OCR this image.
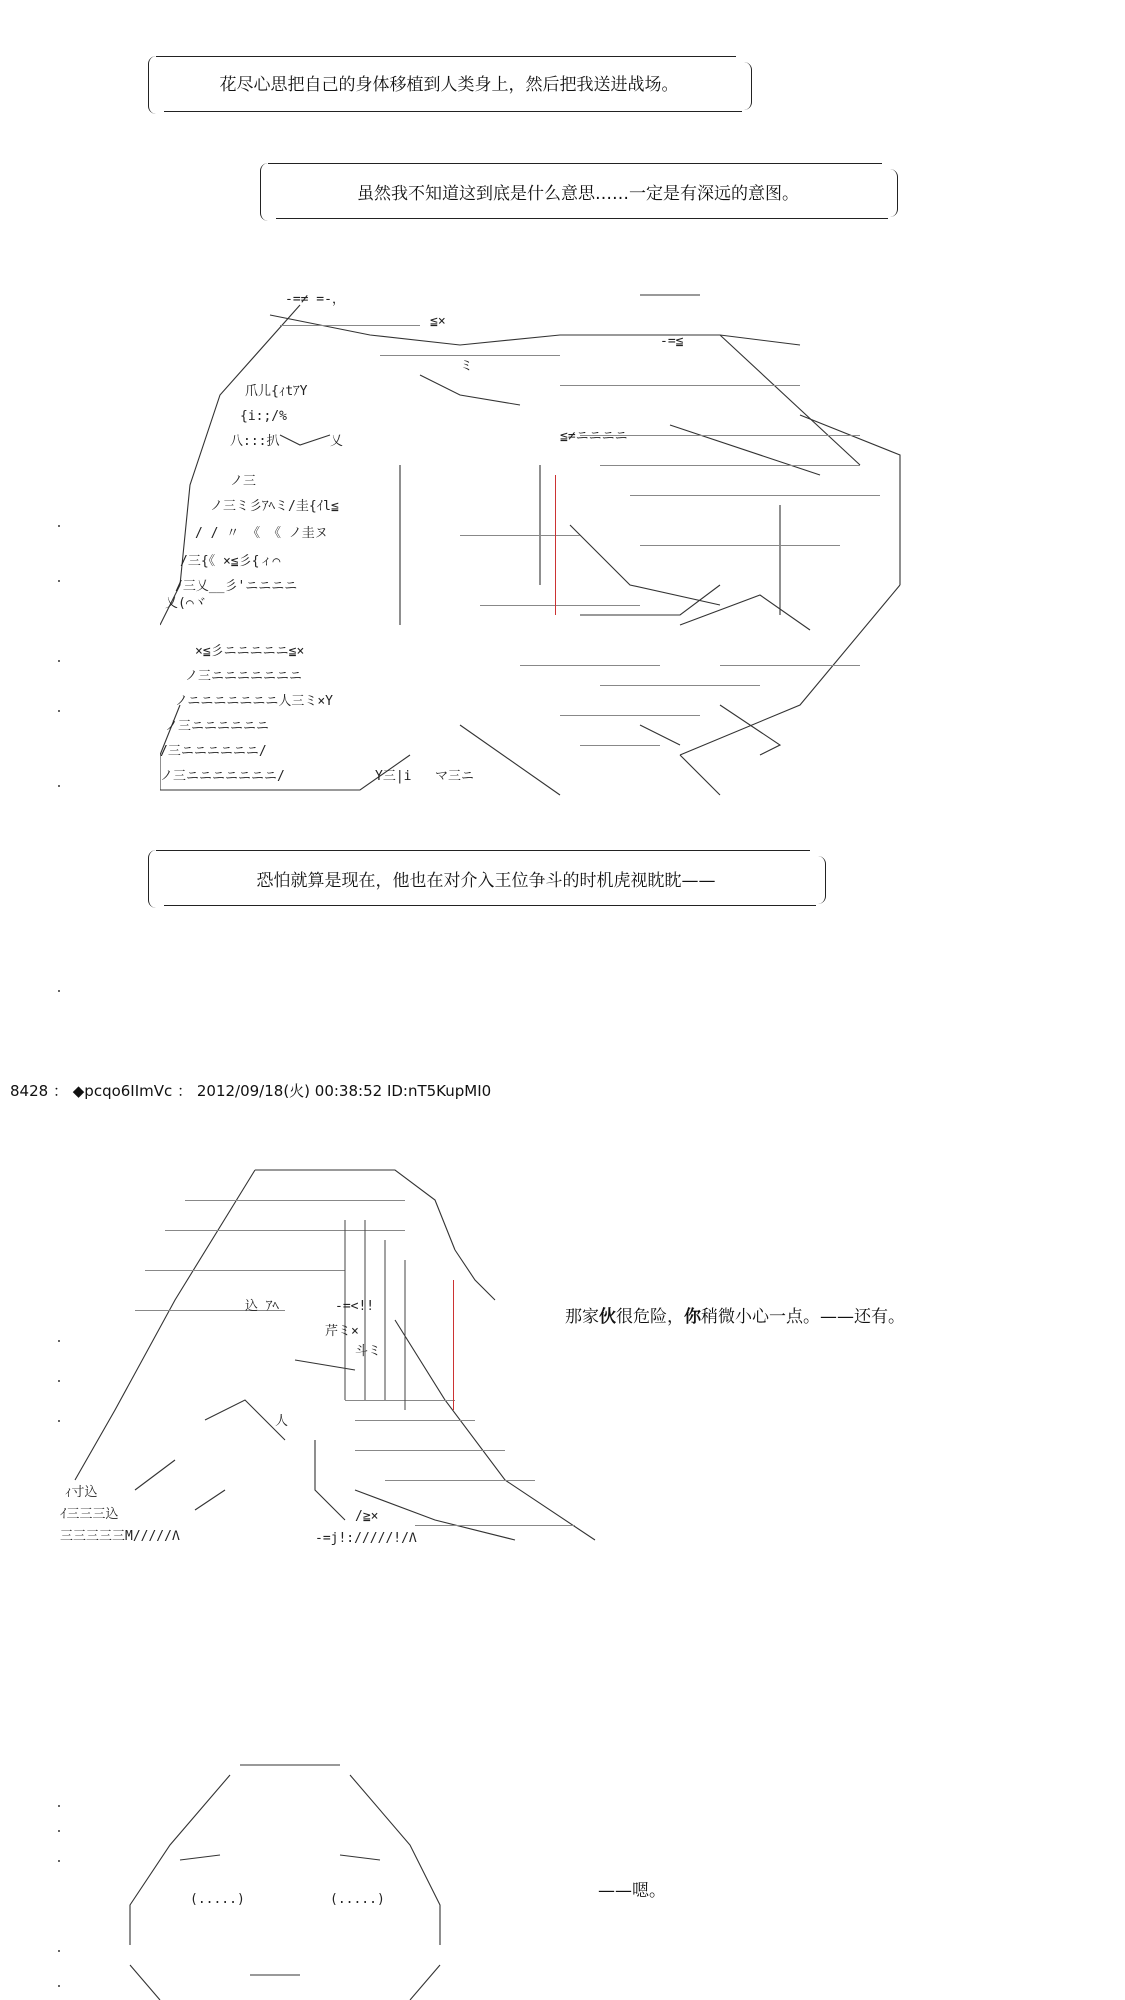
花尽心思把自己的身体移植到人类身上，然后把我送进战场。
虽然我不知道这到底是什么意思……一定是有深远的意图。
-=≠ =-，
≦×
-=≦
ミ
爪儿{ｨtｱY
{i:;/%
八:::扒	乂	≦≠ニニニニ
ノ三
ノ三ミ彡ｱﾍミ/圭{ｲl≦
/ / 〃 《 《 ノ圭ヌ
/三{《 ×≦彡{ィ⌒
/三乂__彡'ニニニニ
乂(⌒ヾ
×≦彡ニニニニニ≦×
ノ三ニニニニニニニ
ノニニニニニニニ人三ミ×Y
ノ三ニニニニニニ
/三ニニニニニニ/
ノ三ニニニニニニニ/	Y三|i マ三ニ
恐怕就算是现在，他也在对介入王位争斗的时机虎视眈眈——
8428 ： ◆pcqo6IImVc ： 2012/09/18(火) 00:38:52 ID:nT5KupMI0
込 ｱﾍ	-=<!!
芹ミ×
斗ミ
人
ｨ寸込
ｲ三三三込
三三三三三M/////Λ
/≧×
-=j!://///!/Λ
那家伙很危险，你稍微小心一点。——还有。
(.....)	(.....)	——嗯。
